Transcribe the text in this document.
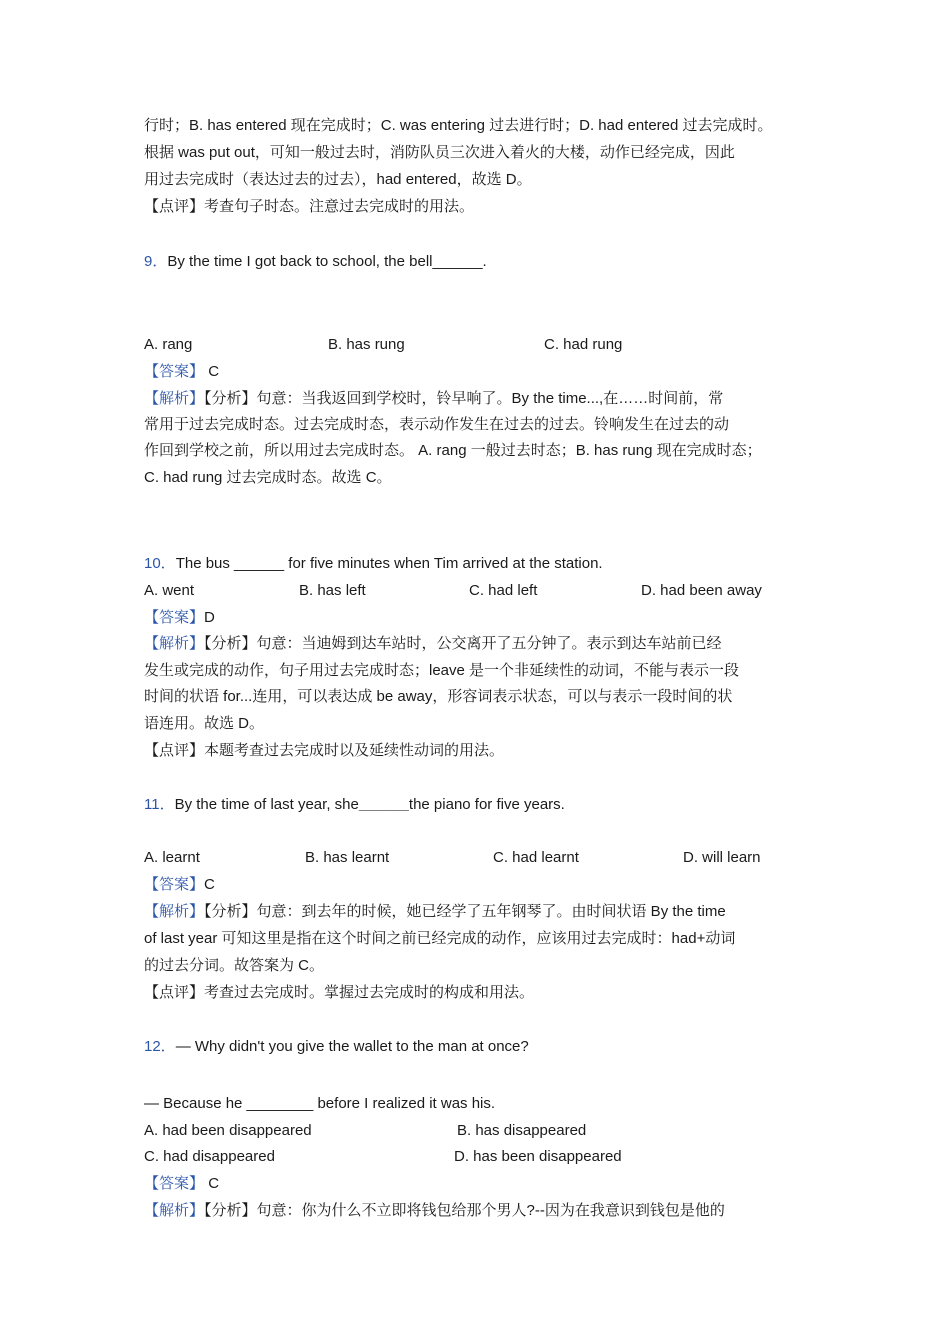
行时；B. has entered 现在完成时；C. was entering 过去进行时；D. had entered 过去完成时。
根据 was put out，可知一般过去时，消防队员三次进入着火的大楼，动作已经完成，因此
用过去完成时（表达过去的过去），had entered，故选 D。
【点评】考查句子时态。注意过去完成时的用法。
9．By the time I got back to school, the bell______.
A. rang	B. has rung	C. had rung
【答案】 C
【解析】【分析】句意：当我返回到学校时，铃早响了。By the time...,在……时间前，常
常用于过去完成时态。过去完成时态，表示动作发生在过去的过去。铃响发生在过去的动
作回到学校之前，所以用过去完成时态。 A. rang 一般过去时态；B. has rung 现在完成时态；
C. had rung 过去完成时态。故选 C。
10．The bus ______ for five minutes when Tim arrived at the station.
A. went	B. has left	C. had left	D. had been away
【答案】D
【解析】【分析】句意：当迪姆到达车站时，公交离开了五分钟了。表示到达车站前已经
发生或完成的动作，句子用过去完成时态；leave 是一个非延续性的动词，不能与表示一段
时间的状语 for...连用，可以表达成 be away，形容词表示状态，可以与表示一段时间的状
语连用。故选 D。
【点评】本题考查过去完成时以及延续性动词的用法。
11．By the time of last year, she______the piano for five years.
A. learnt	B. has learnt	C. had learnt	D. will learn
【答案】C
【解析】【分析】句意：到去年的时候，她已经学了五年钢琴了。由时间状语 By the time
of last year 可知这里是指在这个时间之前已经完成的动作，应该用过去完成时：had+动词
的过去分词。故答案为 C。
【点评】考查过去完成时。掌握过去完成时的构成和用法。
12．— Why didn't you give the wallet to the man at once?
— Because he ________ before I realized it was his.
A. had been disappeared	B. has disappeared
C. had disappeared	D. has been disappeared
【答案】 C
【解析】【分析】句意：你为什么不立即将钱包给那个男人?--因为在我意识到钱包是他的
